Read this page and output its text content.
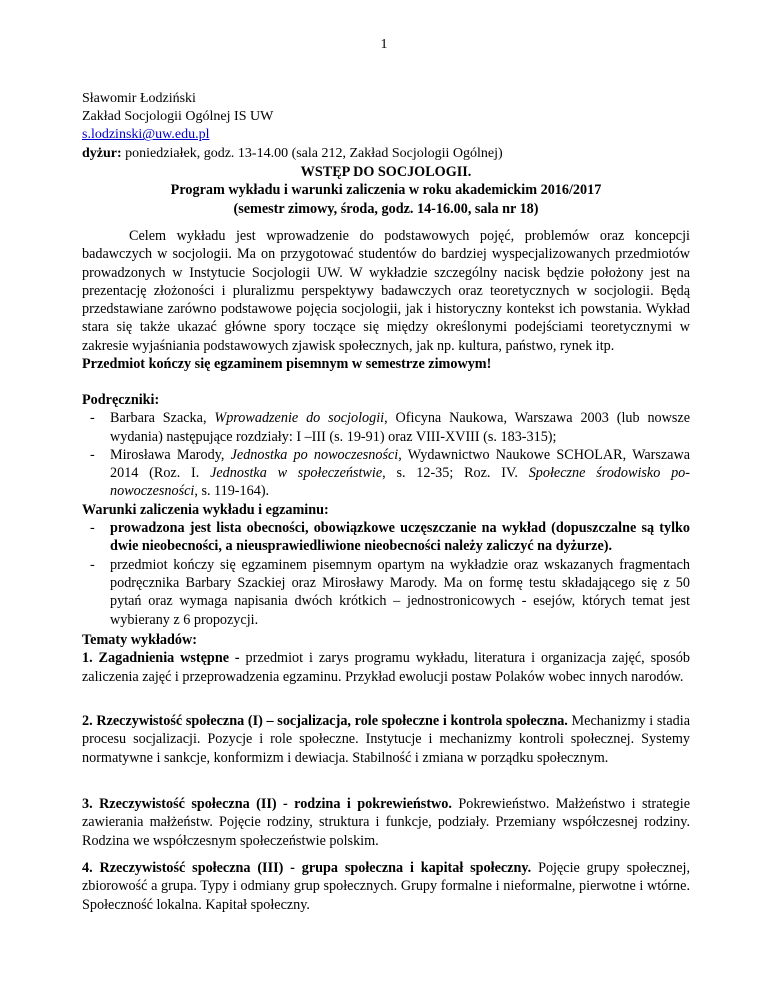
1
Sławomir Łodziński
Zakład Socjologii Ogólnej IS UW
s.lodzinski@uw.edu.pl
dyżur: poniedziałek, godz. 13-14.00 (sala 212, Zakład Socjologii Ogólnej)
WSTĘP DO SOCJOLOGII.
Program wykładu i warunki zaliczenia w roku akademickim 2016/2017
(semestr zimowy, środa, godz. 14-16.00, sala nr 18)
Celem wykładu jest wprowadzenie do podstawowych pojęć, problemów oraz koncepcji badawczych w socjologii. Ma on przygotować studentów do bardziej wyspecjalizowanych przedmiotów prowadzonych w Instytucie Socjologii UW. W wykładzie szczególny nacisk będzie położony jest na prezentację złożoności i pluralizmu perspektywy badawczych oraz teoretycznych w socjologii. Będą przedstawiane zarówno podstawowe pojęcia socjologii, jak i historyczny kontekst ich powstania. Wykład stara się także ukazać główne spory toczące się między określonymi podejściami teoretycznymi w zakresie wyjaśniania podstawowych zjawisk społecznych, jak np. kultura, państwo, rynek itp.
Przedmiot kończy się egzaminem pisemnym w semestrze zimowym!
Podręczniki:
- Barbara Szacka, Wprowadzenie do socjologii, Oficyna Naukowa, Warszawa 2003 (lub nowsze wydania) następujące rozdziały: I –III (s. 19-91) oraz VIII-XVIII (s. 183-315);
- Mirosława Marody, Jednostka po nowoczesności, Wydawnictwo Naukowe SCHOLAR, Warszawa 2014 (Roz. I. Jednostka w społeczeństwie, s. 12-35; Roz. IV. Społeczne środowisko po-nowoczesności, s. 119-164).
Warunki zaliczenia wykładu i egzaminu:
- prowadzona jest lista obecności, obowiązkowe uczęszczanie na wykład (dopuszczalne są tylko dwie nieobecności, a nieusprawiedliwione nieobecności należy zaliczyć na dyżurze).
- przedmiot kończy się egzaminem pisemnym opartym na wykładzie oraz wskazanych fragmentach podręcznika Barbary Szackiej oraz Mirosławy Marody. Ma on formę testu składającego się z 50 pytań oraz wymaga napisania dwóch krótkich – jednostronicowych - esejów, których temat jest wybierany z 6 propozycji.
Tematy wykładów:
1. Zagadnienia wstępne - przedmiot i zarys programu wykładu, literatura i organizacja zajęć, sposób zaliczenia zajęć i przeprowadzenia egzaminu. Przykład ewolucji postaw Polaków wobec innych narodów.
2. Rzeczywistość społeczna (I) – socjalizacja, role społeczne i kontrola społeczna. Mechanizmy i stadia procesu socjalizacji. Pozycje i role społeczne. Instytucje i mechanizmy kontroli społecznej. Systemy normatywne i sankcje, konformizm i dewiacja. Stabilność i zmiana w porządku społecznym.
3. Rzeczywistość społeczna (II) - rodzina i pokrewieństwo. Pokrewieństwo. Małżeństwo i strategie zawierania małżeństw. Pojęcie rodziny, struktura i funkcje, podziały. Przemiany współczesnej rodziny. Rodzina we współczesnym społeczeństwie polskim.
4. Rzeczywistość społeczna (III) - grupa społeczna i kapitał społeczny. Pojęcie grupy społecznej, zbiorowość a grupa. Typy i odmiany grup społecznych. Grupy formalne i nieformalne, pierwotne i wtórne. Społeczność lokalna. Kapitał społeczny.
